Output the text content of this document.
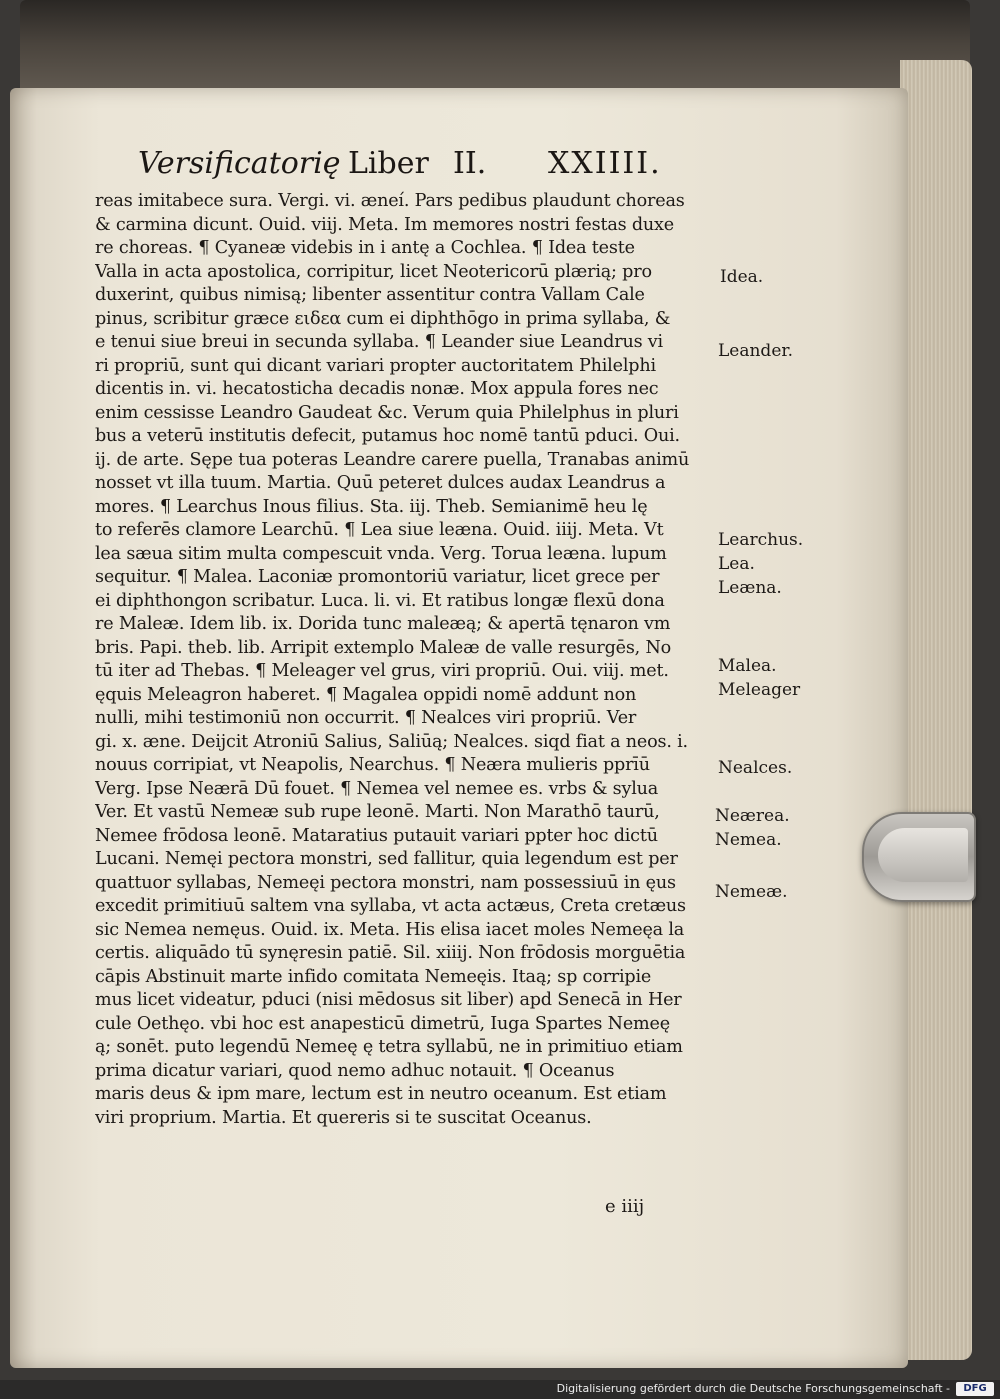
Versificatorię Liber II. XXIIII.
reas imitabece sura. Vergi. vi. æneí. Pars pedibus plaudunt choreas
& carmina dicunt. Ouid. viij. Meta. Im memores nostri festas duxe
re choreas. ¶ Cyaneæ videbis in i antę a Cochlea. ¶ Idea teste
Valla in acta apostolica, corripitur, licet Neotericorū plærią; pro
duxerint, quibus nimisą; libenter assentitur contra Vallam Cale
pinus, scribitur græce ειδεα cum ei diphthōgo in prima syllaba, &
e tenui siue breui in secunda syllaba. ¶ Leander siue Leandrus vi
ri propriū, sunt qui dicant variari propter auctoritatem Philelphi
dicentis in. vi. hecatosticha decadis nonæ. Mox appula fores nec
enim cessisse Leandro Gaudeat &c. Verum quia Philelphus in pluri
bus a veterū institutis defecit, putamus hoc nomē tantū pduci. Oui.
ij. de arte. Sępe tua poteras Leandre carere puella, Tranabas animū
nosset vt illa tuum. Martia. Quū peteret dulces audax Leandrus a
mores. ¶ Learchus Inous filius. Sta. iij. Theb. Semianimē heu lę
to referēs clamore Learchū. ¶ Lea siue leæna. Ouid. iiij. Meta. Vt
lea sæua sitim multa compescuit vnda. Verg. Torua leæna. lupum
sequitur. ¶ Malea. Laconiæ promontoriū variatur, licet grece per
ei diphthongon scribatur. Luca. li. vi. Et ratibus longæ flexū dona
re Maleæ. Idem lib. ix. Dorida tunc maleæą; & apertā tęnaron vm
bris. Papi. theb. lib. Arripit extemplo Maleæ de valle resurgēs, No
tū iter ad Thebas. ¶ Meleager vel grus, viri propriū. Oui. viij. met.
ęquis Meleagron haberet. ¶ Magalea oppidi nomē addunt non
nulli, mihi testimoniū non occurrit. ¶ Nealces viri propriū. Ver
gi. x. æne. Deijcit Atroniū Salius, Saliūą; Nealces. siqd fiat a neos. i.
nouus corripiat, vt Neapolis, Nearchus. ¶ Neæra mulieris pprīū
Verg. Ipse Neærā Dū fouet. ¶ Nemea vel nemee es. vrbs & sylua
Ver. Et vastū Nemeæ sub rupe leonē. Marti. Non Marathō taurū,
Nemee frōdosa leonē. Mataratius putauit variari ppter hoc dictū
Lucani. Nemęi pectora monstri, sed fallitur, quia legendum est per
quattuor syllabas, Nemeęi pectora monstri, nam possessiuū in ęus
excedit primitiuū saltem vna syllaba, vt acta actæus, Creta cretæus
sic Nemea nemęus. Ouid. ix. Meta. His elisa iacet moles Nemeęa la
certis. aliquādo tū synęresin patiē. Sil. xiiij. Non frōdosis morguētia
cāpis Abstinuit marte infido comitata Nemeęis. Itaą; sp corripie
mus licet videatur, pduci (nisi mēdosus sit liber) apd Senecā in Her
cule Oethęo. vbi hoc est anapesticū dimetrū, Iuga Spartes Nemeę
ą; sonēt. puto legendū Nemeę ę tetra syllabū, ne in primitiuo etiam
prima dicatur variari, quod nemo adhuc notauit. ¶ Oceanus
maris deus & ipm mare, lectum est in neutro oceanum. Est etiam
viri proprium. Martia. Et quereris si te suscitat Oceanus.
Idea.
Leander.
Learchus.
Lea.
Leæna.
Malea.
Meleager
Nealces.
Neærea.
Nemea.
Nemeæ.
e iiij
Digitalisierung gefördert durch die Deutsche Forschungsgemeinschaft -	DFG
